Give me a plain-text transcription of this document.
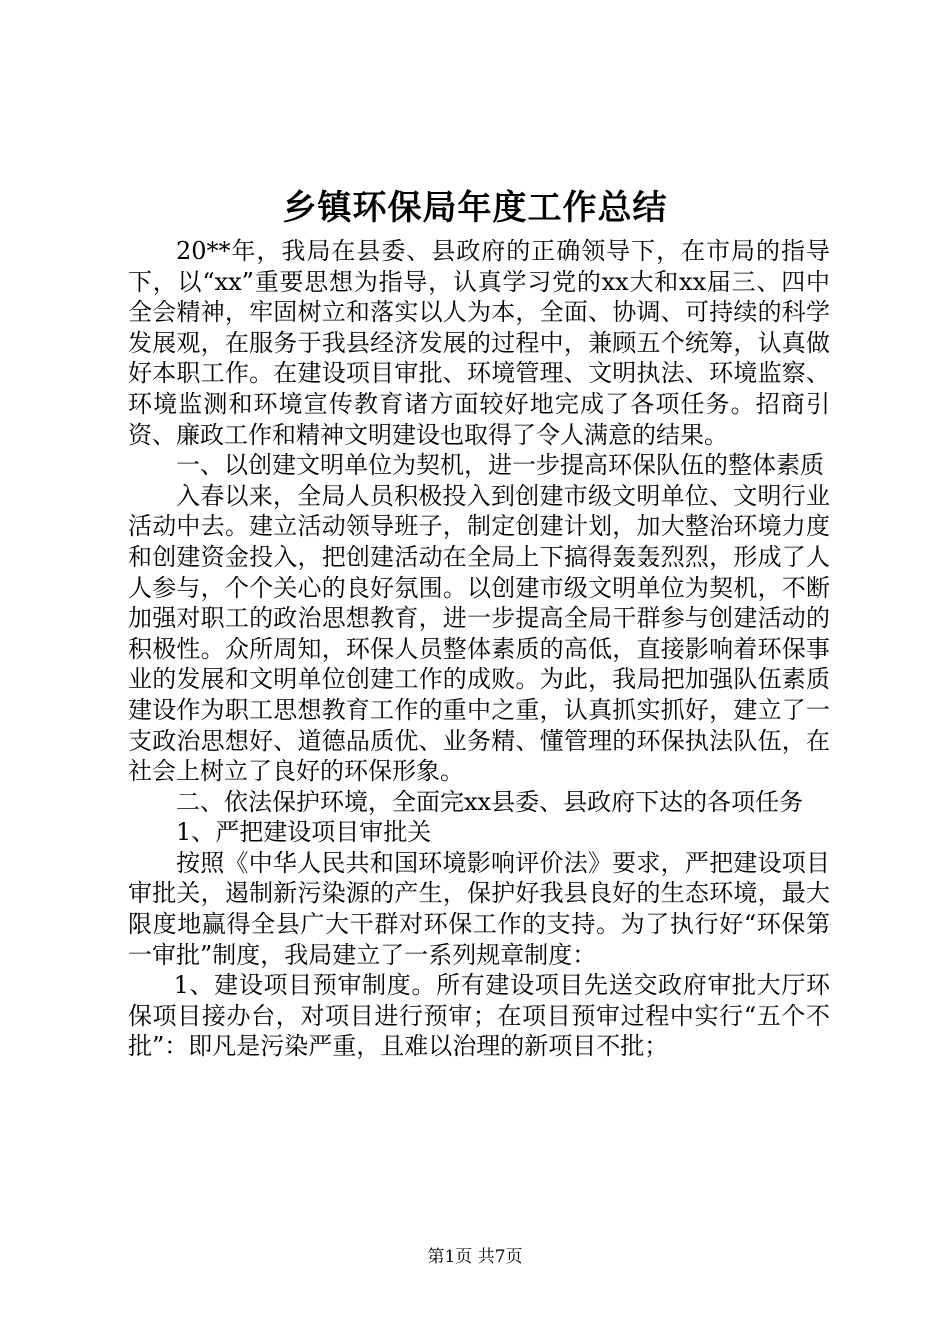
乡镇环保局年度工作总结

20**年，我局在县委、县政府的正确领导下，在市局的指导下，以“xx”重要思想为指导，认真学习党的xx大和xx届三、四中全会精神，牢固树立和落实以人为本，全面、协调、可持续的科学发展观，在服务于我县经济发展的过程中，兼顾五个统筹，认真做好本职工作。在建设项目审批、环境管理、文明执法、环境监察、环境监测和环境宣传教育诸方面较好地完成了各项任务。招商引资、廉政工作和精神文明建设也取得了令人满意的结果。

一、以创建文明单位为契机，进一步提高环保队伍的整体素质

入春以来，全局人员积极投入到创建市级文明单位、文明行业活动中去。建立活动领导班子，制定创建计划，加大整治环境力度和创建资金投入，把创建活动在全局上下搞得轰轰烈烈，形成了人人参与，个个关心的良好氛围。以创建市级文明单位为契机，不断加强对职工的政治思想教育，进一步提高全局干群参与创建活动的积极性。众所周知，环保人员整体素质的高低，直接影响着环保事业的发展和文明单位创建工作的成败。为此，我局把加强队伍素质建设作为职工思想教育工作的重中之重，认真抓实抓好，建立了一支政治思想好、道德品质优、业务精、懂管理的环保执法队伍，在社会上树立了良好的环保形象。

二、依法保护环境，全面完xx县委、县政府下达的各项任务

1、严把建设项目审批关

按照《中华人民共和国环境影响评价法》要求，严把建设项目审批关，遏制新污染源的产生，保护好我县良好的生态环境，最大限度地赢得全县广大干群对环保工作的支持。为了执行好“环保第一审批”制度，我局建立了一系列规章制度：

1、建设项目预审制度。所有建设项目先送交政府审批大厅环保项目接办台，对项目进行预审；在项目预审过程中实行“五个不批”：即凡是污染严重，且难以治理的新项目不批；

第1页 共7页
